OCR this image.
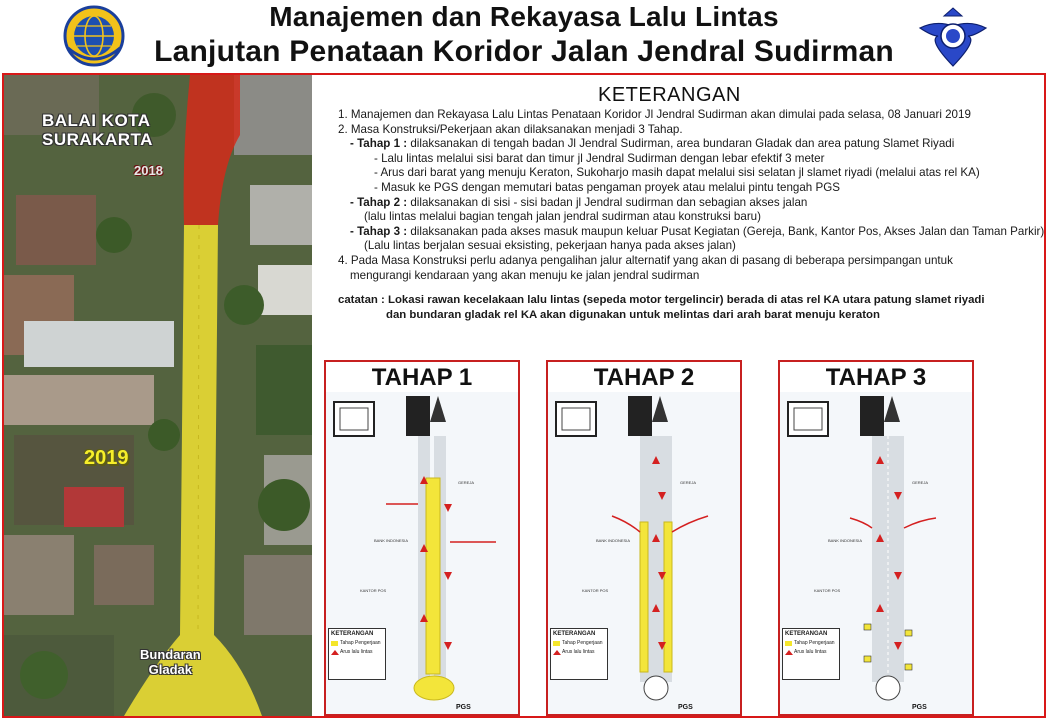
Manajemen dan Rekayasa Lalu Lintas
Lanjutan Penataan Koridor Jalan Jendral Sudirman
BALAI KOTA
SURAKARTA
2018
2019
Bundaran
Gladak
KETERANGAN

1. Manajemen dan Rekayasa Lalu Lintas Penataan Koridor Jl Jendral Sudirman akan dimulai pada selasa, 08 Januari 2019

2. Masa Konstruksi/Pekerjaan akan dilaksanakan menjadi 3 Tahap.

- Tahap 1 : dilaksanakan di tengah badan Jl Jendral Sudirman, area bundaran Gladak dan area patung Slamet Riyadi

- Lalu lintas melalui sisi barat dan timur jl Jendral Sudirman dengan lebar efektif 3 meter

- Arus dari barat yang menuju Keraton, Sukoharjo masih dapat melalui sisi selatan jl slamet riyadi (melalui atas rel KA)

- Masuk ke PGS dengan memutari batas pengaman proyek atau melalui pintu tengah PGS

- Tahap 2 : dilaksanakan di sisi - sisi badan jl Jendral sudirman dan sebagian akses jalan

(lalu lintas melalui bagian tengah jalan jendral sudirman atau konstruksi baru)

- Tahap 3 : dilaksanakan pada akses masuk maupun keluar Pusat Kegiatan (Gereja, Bank, Kantor Pos, Akses Jalan dan Taman Parkir)

(Lalu lintas berjalan sesuai eksisting, pekerjaan hanya pada akses jalan)

4. Pada Masa Konstruksi perlu adanya pengalihan jalur alternatif yang akan di pasang di beberapa persimpangan untuk

mengurangi kendaraan yang akan menuju ke jalan jendral sudirman

catatan : Lokasi rawan kecelakaan lalu lintas (sepeda motor tergelincir) berada di atas rel KA utara patung slamet riyadi

dan bundaran gladak rel KA akan digunakan untuk melintas dari arah barat menuju keraton

TAHAP 1
BANK INDONESIA
KANTOR POS
GEREJA
KETERANGAN
Tahap Pengerjaan
Arus lalu lintas
PGS
TAHAP 2
BANK INDONESIA
KANTOR POS
GEREJA
KETERANGAN
Tahap Pengerjaan
Arus lalu lintas
PGS
TAHAP 3
BANK INDONESIA
KANTOR POS
GEREJA
KETERANGAN
Tahap Pengerjaan
Arus lalu lintas
PGS
